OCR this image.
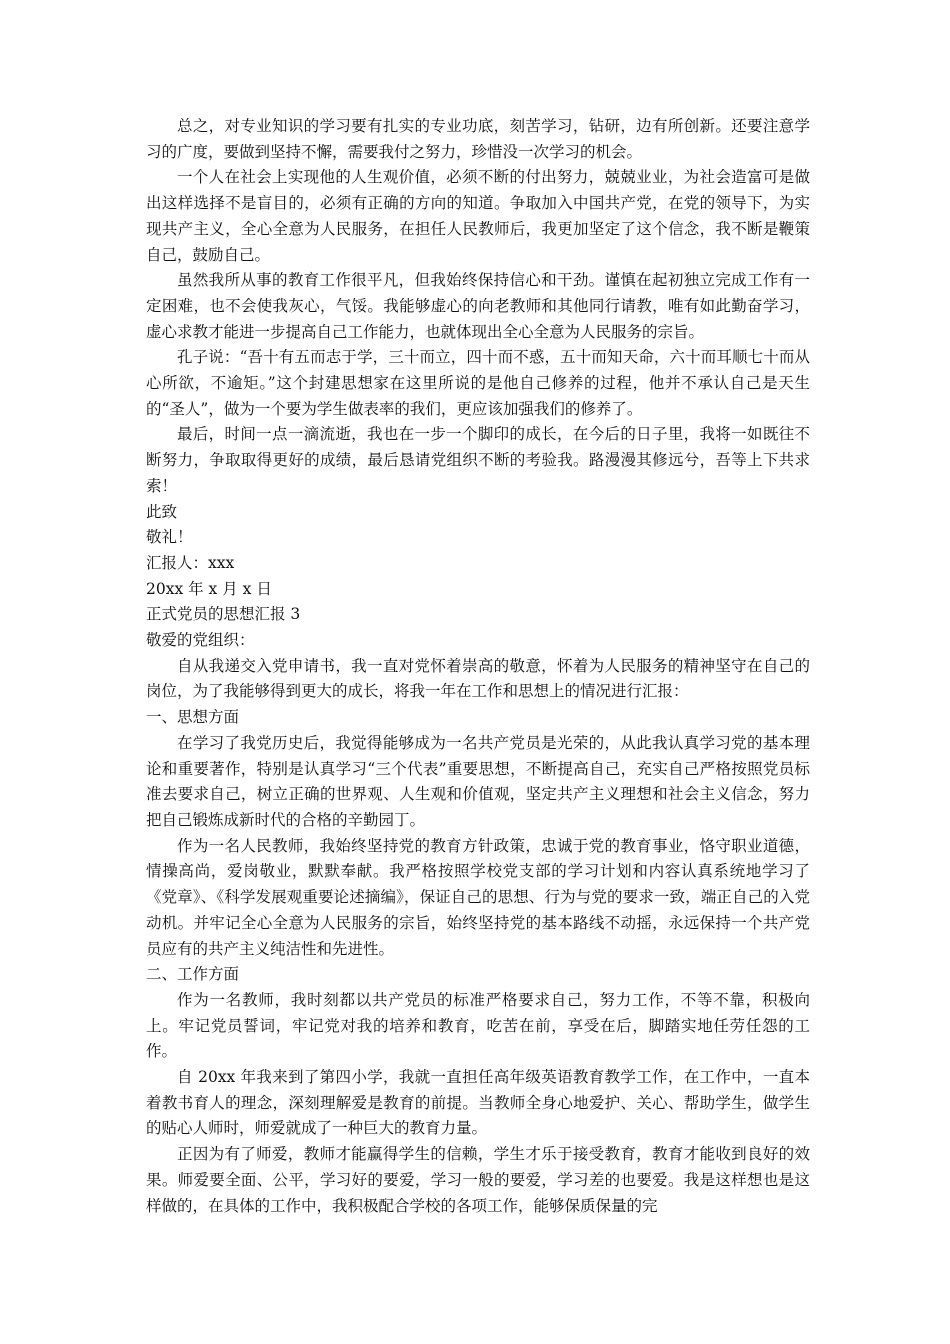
总之，对专业知识的学习要有扎实的专业功底，刻苦学习，钻研，边有所创新。还要注意学习的广度，要做到坚持不懈，需要我付之努力，珍惜没一次学习的机会。

一个人在社会上实现他的人生观价值，必须不断的付出努力，兢兢业业，为社会造富可是做出这样选择不是盲目的，必须有正确的方向的知道。争取加入中国共产党，在党的领导下，为实现共产主义，全心全意为人民服务，在担任人民教师后，我更加坚定了这个信念，我不断是鞭策自己，鼓励自己。

虽然我所从事的教育工作很平凡，但我始终保持信心和干劲。谨慎在起初独立完成工作有一定困难，也不会使我灰心，气馁。我能够虚心的向老教师和其他同行请教，唯有如此勤奋学习，虚心求教才能进一步提高自己工作能力，也就体现出全心全意为人民服务的宗旨。

孔子说：“吾十有五而志于学，三十而立，四十而不惑，五十而知天命，六十而耳顺七十而从心所欲，不逾矩。”这个封建思想家在这里所说的是他自己修养的过程，他并不承认自己是天生的“圣人”，做为一个要为学生做表率的我们，更应该加强我们的修养了。

最后，时间一点一滴流逝，我也在一步一个脚印的成长，在今后的日子里，我将一如既往不断努力，争取取得更好的成绩，最后恳请党组织不断的考验我。路漫漫其修远兮，吾等上下共求索！

此致

敬礼！

汇报人：xxx

20xx 年 x 月 x 日

正式党员的思想汇报 3

敬爱的党组织：

自从我递交入党申请书，我一直对党怀着崇高的敬意，怀着为人民服务的精神坚守在自己的岗位，为了我能够得到更大的成长，将我一年在工作和思想上的情况进行汇报：

一、思想方面

在学习了我党历史后，我觉得能够成为一名共产党员是光荣的，从此我认真学习党的基本理论和重要著作，特别是认真学习“三个代表”重要思想，不断提高自己，充实自己严格按照党员标准去要求自己，树立正确的世界观、人生观和价值观，坚定共产主义理想和社会主义信念，努力把自己锻炼成新时代的合格的辛勤园丁。

作为一名人民教师，我始终坚持党的教育方针政策，忠诚于党的教育事业，恪守职业道德，情操高尚，爱岗敬业，默默奉献。我严格按照学校党支部的学习计划和内容认真系统地学习了《党章》、《科学发展观重要论述摘编》，保证自己的思想、行为与党的要求一致，端正自己的入党动机。并牢记全心全意为人民服务的宗旨，始终坚持党的基本路线不动摇，永远保持一个共产党员应有的共产主义纯洁性和先进性。

二、工作方面

作为一名教师，我时刻都以共产党员的标准严格要求自己，努力工作，不等不靠，积极向上。牢记党员誓词，牢记党对我的培养和教育，吃苦在前，享受在后，脚踏实地任劳任怨的工作。

自 20xx 年我来到了第四小学，我就一直担任高年级英语教育教学工作，在工作中，一直本着教书育人的理念，深刻理解爱是教育的前提。当教师全身心地爱护、关心、帮助学生，做学生的贴心人师时，师爱就成了一种巨大的教育力量。

正因为有了师爱，教师才能赢得学生的信赖，学生才乐于接受教育，教育才能收到良好的效果。师爱要全面、公平，学习好的要爱，学习一般的要爱，学习差的也要爱。我是这样想也是这样做的，在具体的工作中，我积极配合学校的各项工作，能够保质保量的完
